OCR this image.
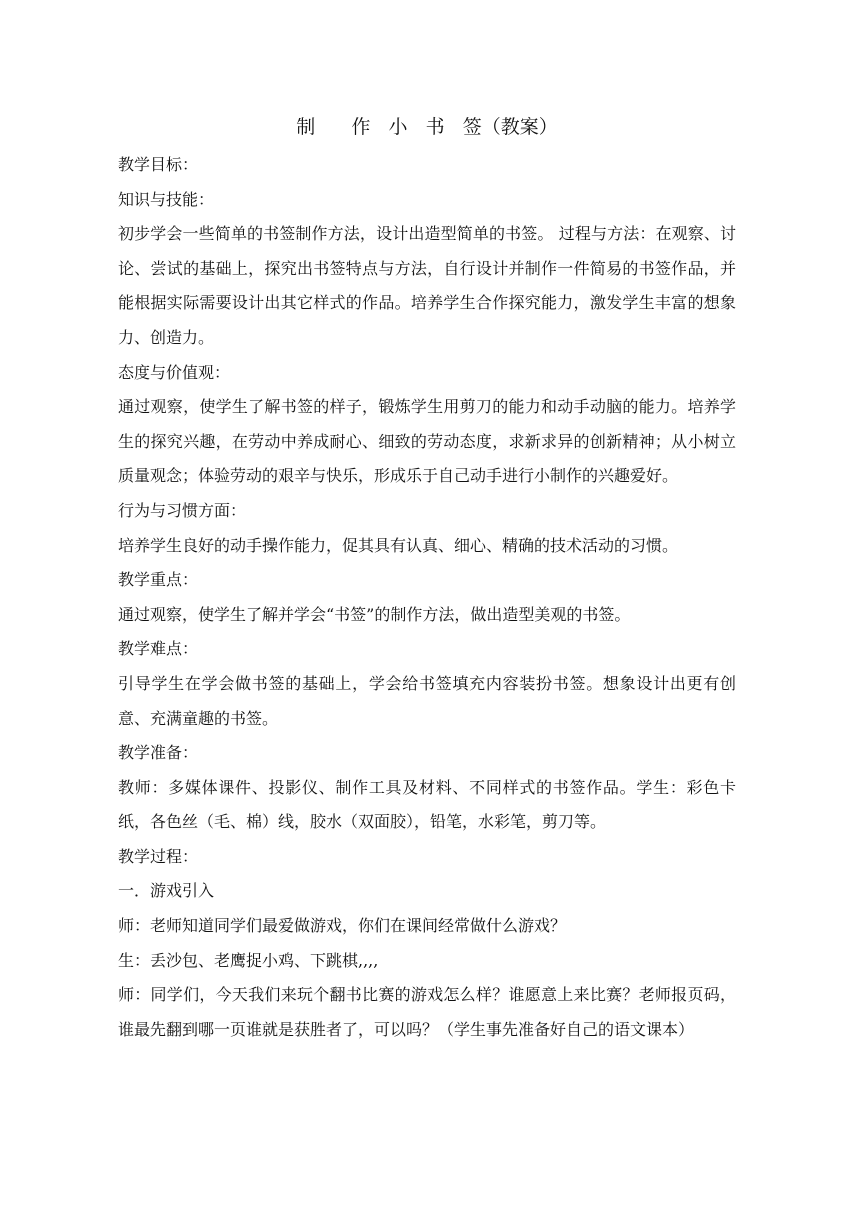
制      作   小   书   签（教案）

教学目标：

知识与技能：

初步学会一些简单的书签制作方法，设计出造型简单的书签。 过程与方法：在观察、讨论、尝试的基础上，探究出书签特点与方法，自行设计并制作一件简易的书签作品，并能根据实际需要设计出其它样式的作品。培养学生合作探究能力，激发学生丰富的想象力、创造力。

态度与价值观：

通过观察，使学生了解书签的样子，锻炼学生用剪刀的能力和动手动脑的能力。培养学生的探究兴趣，在劳动中养成耐心、细致的劳动态度，求新求异的创新精神；从小树立质量观念；体验劳动的艰辛与快乐，形成乐于自己动手进行小制作的兴趣爱好。

行为与习惯方面：

培养学生良好的动手操作能力，促其具有认真、细心、精确的技术活动的习惯。

教学重点：

通过观察，使学生了解并学会“书签”的制作方法，做出造型美观的书签。

教学难点：

引导学生在学会做书签的基础上，学会给书签填充内容装扮书签。想象设计出更有创意、充满童趣的书签。

教学准备：

教师：多媒体课件、投影仪、制作工具及材料、不同样式的书签作品。学生：彩色卡纸，各色丝（毛、棉）线，胶水（双面胶），铅笔，水彩笔，剪刀等。

教学过程：

一．游戏引入

师：老师知道同学们最爱做游戏，你们在课间经常做什么游戏？

生：丢沙包、老鹰捉小鸡、下跳棋,,,,

师：同学们，今天我们来玩个翻书比赛的游戏怎么样？谁愿意上来比赛？老师报页码，谁最先翻到哪一页谁就是获胜者了，可以吗？（学生事先准备好自己的语文课本）
